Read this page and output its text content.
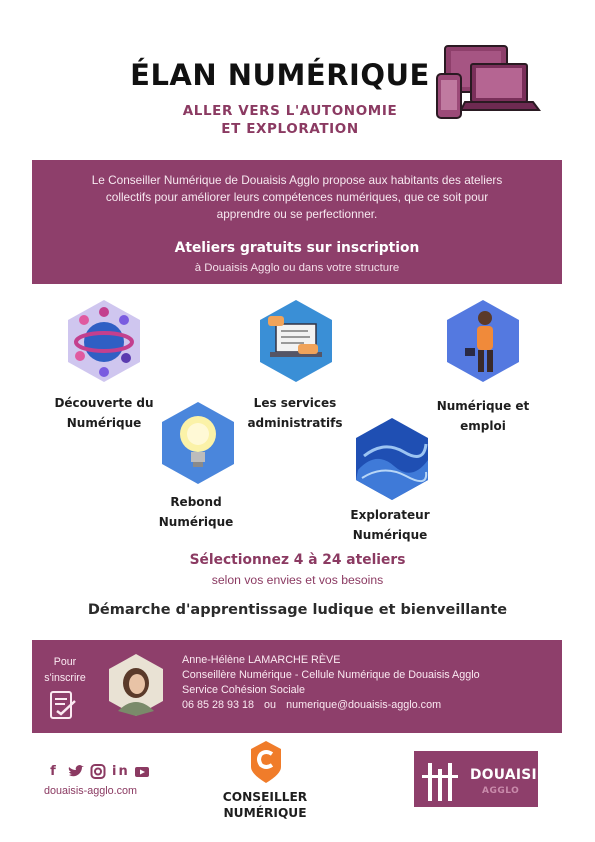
ÉLAN NUMÉRIQUE
ALLER VERS L'AUTONOMIE
ET EXPLORATION
Le Conseiller Numérique de Douaisis Agglo propose aux habitants des ateliers
collectifs pour améliorer leurs compétences numériques, que ce soit pour
apprendre ou se perfectionner.
Ateliers gratuits sur inscription
à Douaisis Agglo ou dans votre structure
Découverte du
Numérique
Les services
administratifs
Numérique et
emploi
Rebond
Numérique	Explorateur
Numérique
Sélectionnez 4 à 24 ateliers
selon vos envies et vos besoins
Démarche d'apprentissage ludique et bienveillante
Pour
s'inscrire
Anne-Hélène LAMARCHE RÈVE
Conseillère Numérique - Cellule Numérique de Douaisis Agglo
Service Cohésion Sociale
06 85 28 93 18 ou numerique@douaisis-agglo.com
f	in
douaisis-agglo.com	CONSEILLER
NUMÉRIQUE
DOUAISIS
AGGLO
